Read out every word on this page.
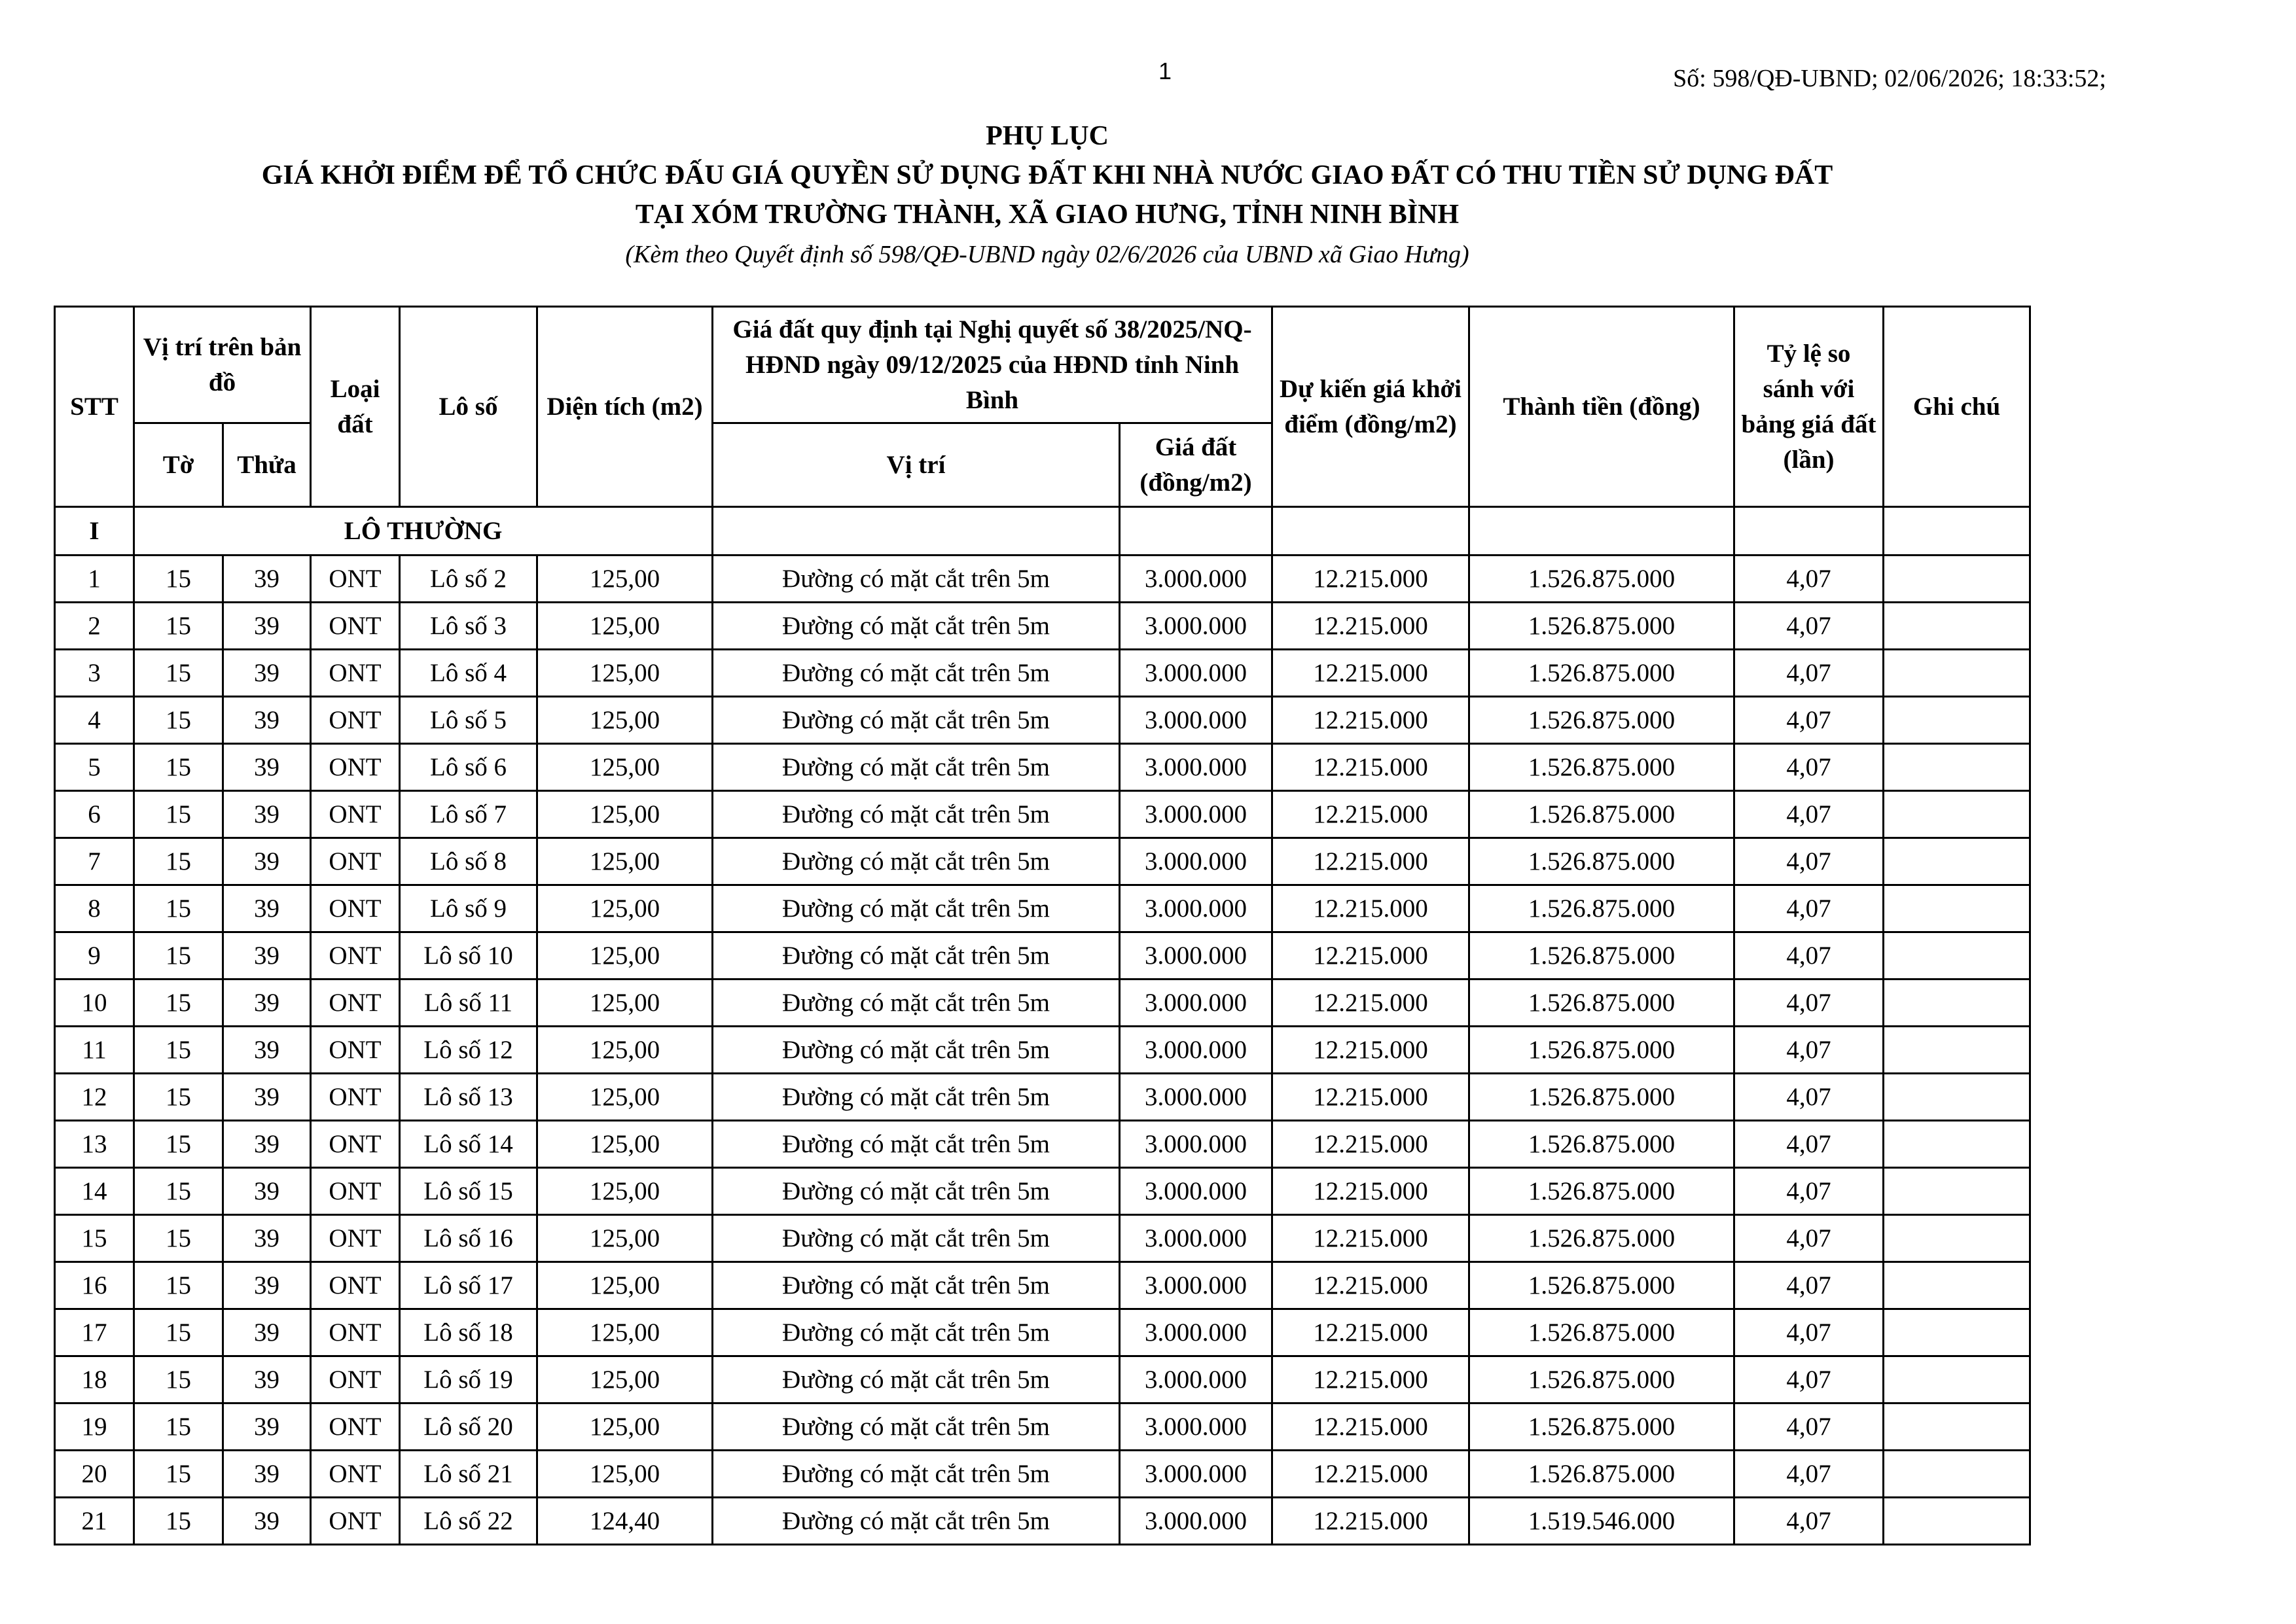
1	Số: 598/QĐ-UBND; 02/06/2026; 18:33:52;
PHỤ LỤC
GIÁ KHỞI ĐIỂM ĐỂ TỔ CHỨC ĐẤU GIÁ QUYỀN SỬ DỤNG ĐẤT KHI NHÀ NƯỚC GIAO ĐẤT CÓ THU TIỀN SỬ DỤNG ĐẤT
TẠI XÓM TRƯỜNG THÀNH, XÃ GIAO HƯNG, TỈNH NINH BÌNH
(Kèm theo Quyết định số 598/QĐ-UBND ngày 02/6/2026 của UBND xã Giao Hưng)
STT	Vị trí trên bản đồ		Loại đất	Lô số	Diện tích (m2)	Giá đất quy định tại Nghị quyết số 38/2025/NQ-HĐND ngày 09/12/2025 của HĐND tỉnh Ninh Bình		Dự kiến giá khởi điểm (đồng/m2)	Thành tiền (đồng)	Tỷ lệ so sánh với bảng giá đất (lần)	Ghi chú
	Tờ	Thửa				Vị trí	Giá đất (đồng/m2)				
I	LÔ THƯỜNG										
1	15	39	ONT	Lô số 2	125,00	Đường có mặt cắt trên 5m	3.000.000	12.215.000	1.526.875.000	4,07	
2	15	39	ONT	Lô số 3	125,00	Đường có mặt cắt trên 5m	3.000.000	12.215.000	1.526.875.000	4,07	
3	15	39	ONT	Lô số 4	125,00	Đường có mặt cắt trên 5m	3.000.000	12.215.000	1.526.875.000	4,07	
4	15	39	ONT	Lô số 5	125,00	Đường có mặt cắt trên 5m	3.000.000	12.215.000	1.526.875.000	4,07	
5	15	39	ONT	Lô số 6	125,00	Đường có mặt cắt trên 5m	3.000.000	12.215.000	1.526.875.000	4,07	
6	15	39	ONT	Lô số 7	125,00	Đường có mặt cắt trên 5m	3.000.000	12.215.000	1.526.875.000	4,07	
7	15	39	ONT	Lô số 8	125,00	Đường có mặt cắt trên 5m	3.000.000	12.215.000	1.526.875.000	4,07	
8	15	39	ONT	Lô số 9	125,00	Đường có mặt cắt trên 5m	3.000.000	12.215.000	1.526.875.000	4,07	
9	15	39	ONT	Lô số 10	125,00	Đường có mặt cắt trên 5m	3.000.000	12.215.000	1.526.875.000	4,07	
10	15	39	ONT	Lô số 11	125,00	Đường có mặt cắt trên 5m	3.000.000	12.215.000	1.526.875.000	4,07	
11	15	39	ONT	Lô số 12	125,00	Đường có mặt cắt trên 5m	3.000.000	12.215.000	1.526.875.000	4,07	
12	15	39	ONT	Lô số 13	125,00	Đường có mặt cắt trên 5m	3.000.000	12.215.000	1.526.875.000	4,07	
13	15	39	ONT	Lô số 14	125,00	Đường có mặt cắt trên 5m	3.000.000	12.215.000	1.526.875.000	4,07	
14	15	39	ONT	Lô số 15	125,00	Đường có mặt cắt trên 5m	3.000.000	12.215.000	1.526.875.000	4,07	
15	15	39	ONT	Lô số 16	125,00	Đường có mặt cắt trên 5m	3.000.000	12.215.000	1.526.875.000	4,07	
16	15	39	ONT	Lô số 17	125,00	Đường có mặt cắt trên 5m	3.000.000	12.215.000	1.526.875.000	4,07	
17	15	39	ONT	Lô số 18	125,00	Đường có mặt cắt trên 5m	3.000.000	12.215.000	1.526.875.000	4,07	
18	15	39	ONT	Lô số 19	125,00	Đường có mặt cắt trên 5m	3.000.000	12.215.000	1.526.875.000	4,07	
19	15	39	ONT	Lô số 20	125,00	Đường có mặt cắt trên 5m	3.000.000	12.215.000	1.526.875.000	4,07	
20	15	39	ONT	Lô số 21	125,00	Đường có mặt cắt trên 5m	3.000.000	12.215.000	1.526.875.000	4,07	
21	15	39	ONT	Lô số 22	124,40	Đường có mặt cắt trên 5m	3.000.000	12.215.000	1.519.546.000	4,07	
